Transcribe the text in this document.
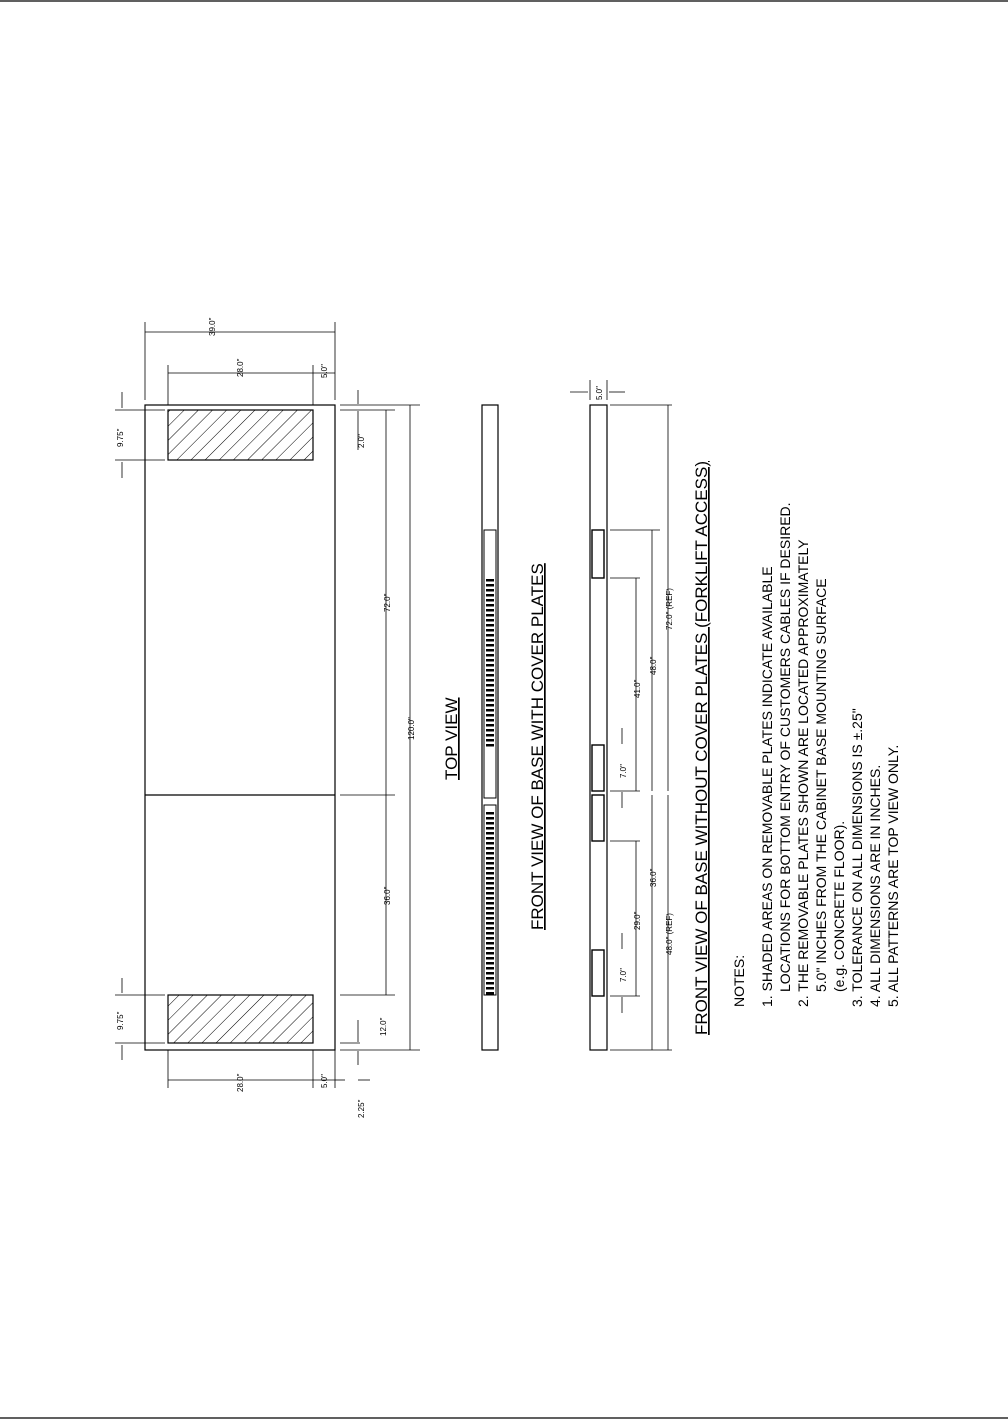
39.0"
28.0"	5.0"
9.75"
9.75"
2.0"
72.0"
120.0"
36.0"
12.0"
28.0"	5.0"
2.25"
TOP VIEW	FRONT VIEW OF BASE WITH COVER PLATES
5.0"
7.0"
7.0"
41.0"
29.0"
48.0"
36.0"
72.0" (REF)
48.0" (REF) FRONT VIEW OF BASE WITHOUT COVER PLATES (FORKLIFT ACCESS) NOTES: 1. SHADED AREAS ON REMOVABLE PLATES INDICATE AVAILABLE LOCATIONS FOR BOTTOM ENTRY OF CUSTOMERS CABLES IF DESIRED. 2. THE REMOVABLE PLATES SHOWN ARE LOCATED APPROXIMATELY 5.0" INCHES FROM THE CABINET BASE MOUNTING SURFACE (e.g. CONCRETE FLOOR). 3. TOLERANCE ON ALL DIMENSIONS IS ±.25" 4. ALL DIMENSIONS ARE IN INCHES. 5. ALL PATTERNS ARE TOP VIEW ONLY.
